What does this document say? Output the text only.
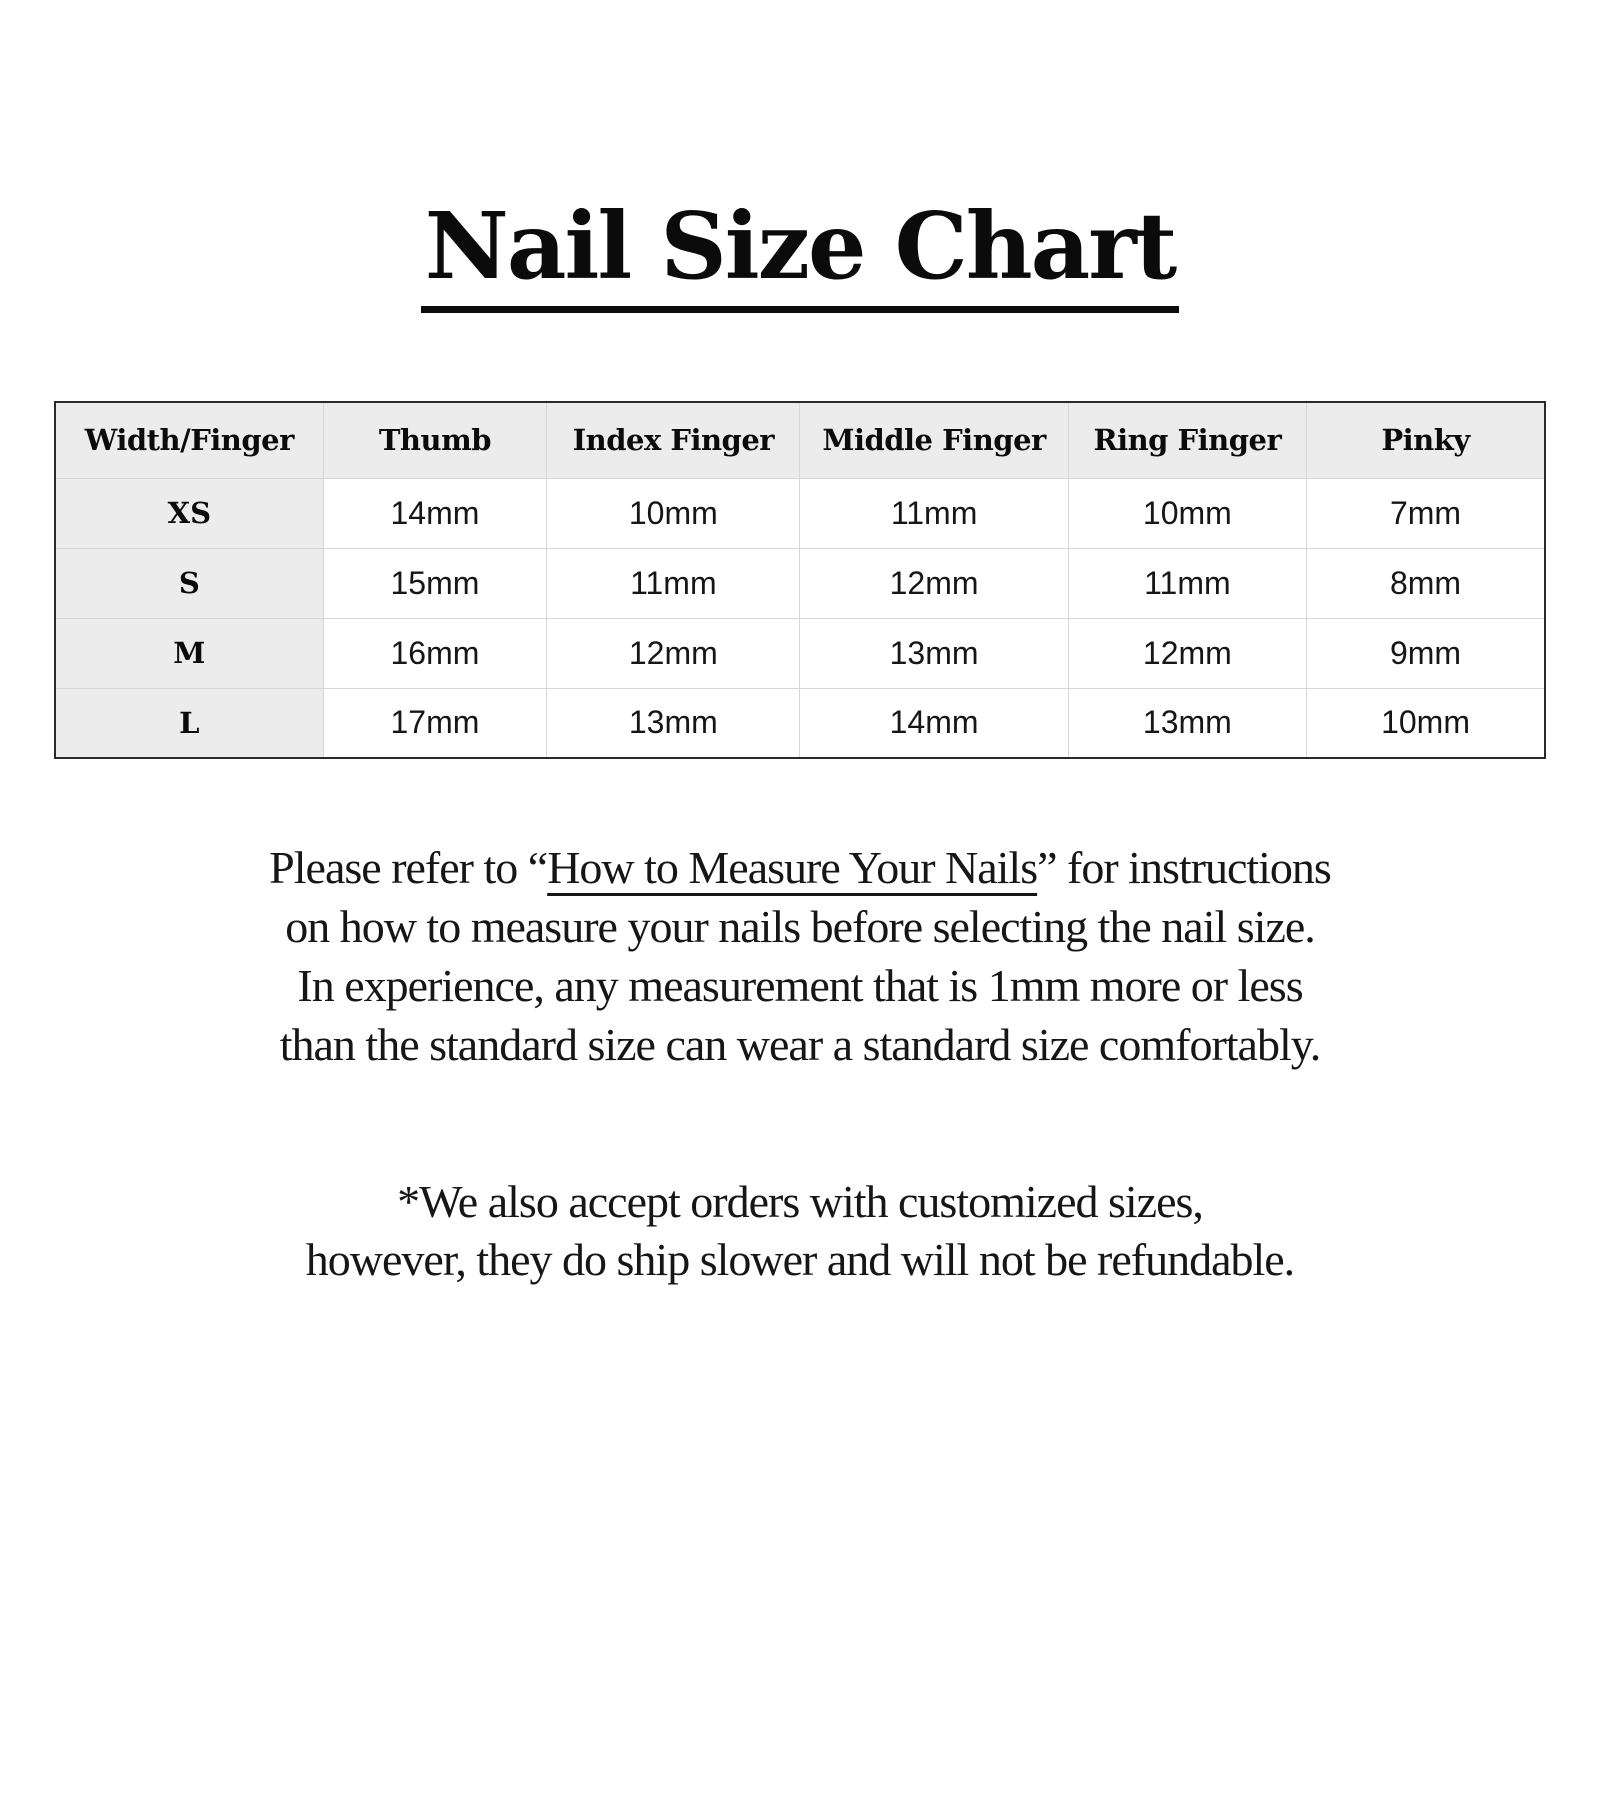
Nail Size Chart
Width/Finger	Thumb	Index Finger	Middle Finger	Ring Finger	Pinky
XS	14mm	10mm	11mm	10mm	7mm
S	15mm	11mm	12mm	11mm	8mm
M	16mm	12mm	13mm	12mm	9mm
L	17mm	13mm	14mm	13mm	10mm

Please refer to “How to Measure Your Nails” for instructions
on how to measure your nails before selecting the nail size.
In experience, any measurement that is 1mm more or less
than the standard size can wear a standard size comfortably.

*We also accept orders with customized sizes,
however, they do ship slower and will not be refundable.
